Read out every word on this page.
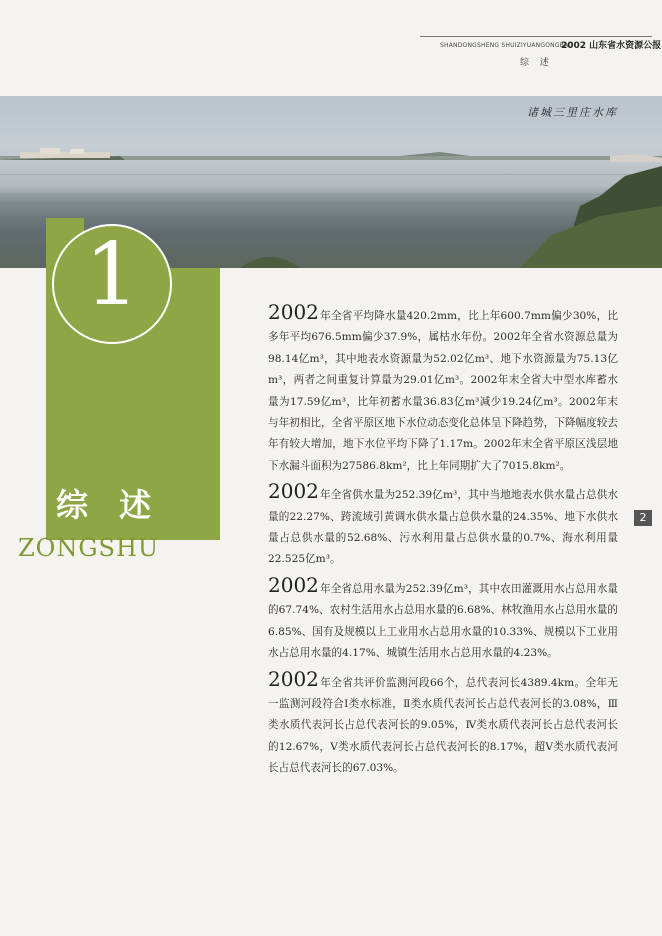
SHANDONGSHENG SHUIZIYUANGONGBAO
2002 山东省水资源公报
综 述
诸城三里庄水库
1
综 述
ZONGSHU
2

2002年全省平均降水量420.2mm，比上年600.7mm偏少30%，比多年平均676.5mm偏少37.9%，属枯水年份。2002年全省水资源总量为98.14亿m³，其中地表水资源量为52.02亿m³、地下水资源量为75.13亿m³，两者之间重复计算量为29.01亿m³。2002年末全省大中型水库蓄水量为17.59亿m³，比年初蓄水量36.83亿m³减少19.24亿m³。2002年末与年初相比，全省平原区地下水位动态变化总体呈下降趋势，下降幅度较去年有较大增加，地下水位平均下降了1.17m。2002年末全省平原区浅层地下水漏斗面积为27586.8km²，比上年同期扩大了7015.8km²。

2002年全省供水量为252.39亿m³，其中当地地表水供水量占总供水量的22.27%、跨流域引黄调水供水量占总供水量的24.35%、地下水供水量占总供水量的52.68%、污水利用量占总供水量的0.7%、海水利用量22.525亿m³。

2002年全省总用水量为252.39亿m³，其中农田灌溉用水占总用水量的67.74%、农村生活用水占总用水量的6.68%、林牧渔用水占总用水量的6.85%、国有及规模以上工业用水占总用水量的10.33%、规模以下工业用水占总用水量的4.17%、城镇生活用水占总用水量的4.23%。

2002年全省共评价监测河段66个，总代表河长4389.4km。全年无一监测河段符合Ⅰ类水标准，Ⅱ类水质代表河长占总代表河长的3.08%，Ⅲ类水质代表河长占总代表河长的9.05%，Ⅳ类水质代表河长占总代表河长的12.67%，Ⅴ类水质代表河长占总代表河长的8.17%，超Ⅴ类水质代表河长占总代表河长的67.03%。
